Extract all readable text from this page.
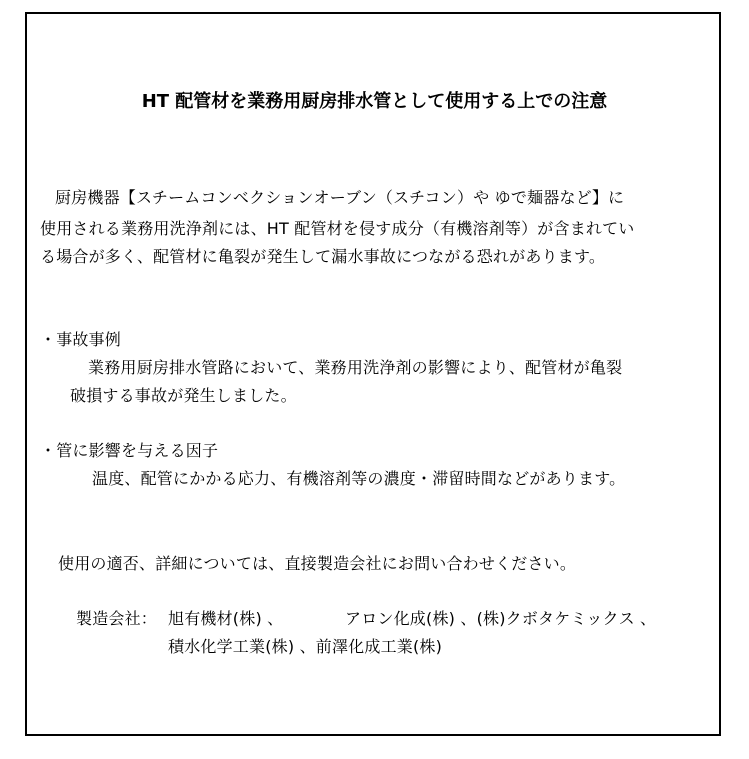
HT 配管材を業務用厨房排水管として使用する上での注意
厨房機器【スチームコンベクションオーブン（スチコン）や ゆで麺器など】に
使用される業務用洗浄剤には、HT 配管材を侵す成分（有機溶剤等）が含まれてい
る場合が多く、配管材に亀裂が発生して漏水事故につながる恐れがあります。
・事故事例
業務用厨房排水管路において、業務用洗浄剤の影響により、配管材が亀裂
破損する事故が発生しました。
・管に影響を与える因子
温度、配管にかかる応力、有機溶剤等の濃度・滞留時間などがあります。
使用の適否、詳細については、直接製造会社にお問い合わせください。
製造会社： 旭有機材(株) 、	アロン化成(株) 、(株)クボタケミックス 、
積水化学工業(株) 、前澤化成工業(株)
